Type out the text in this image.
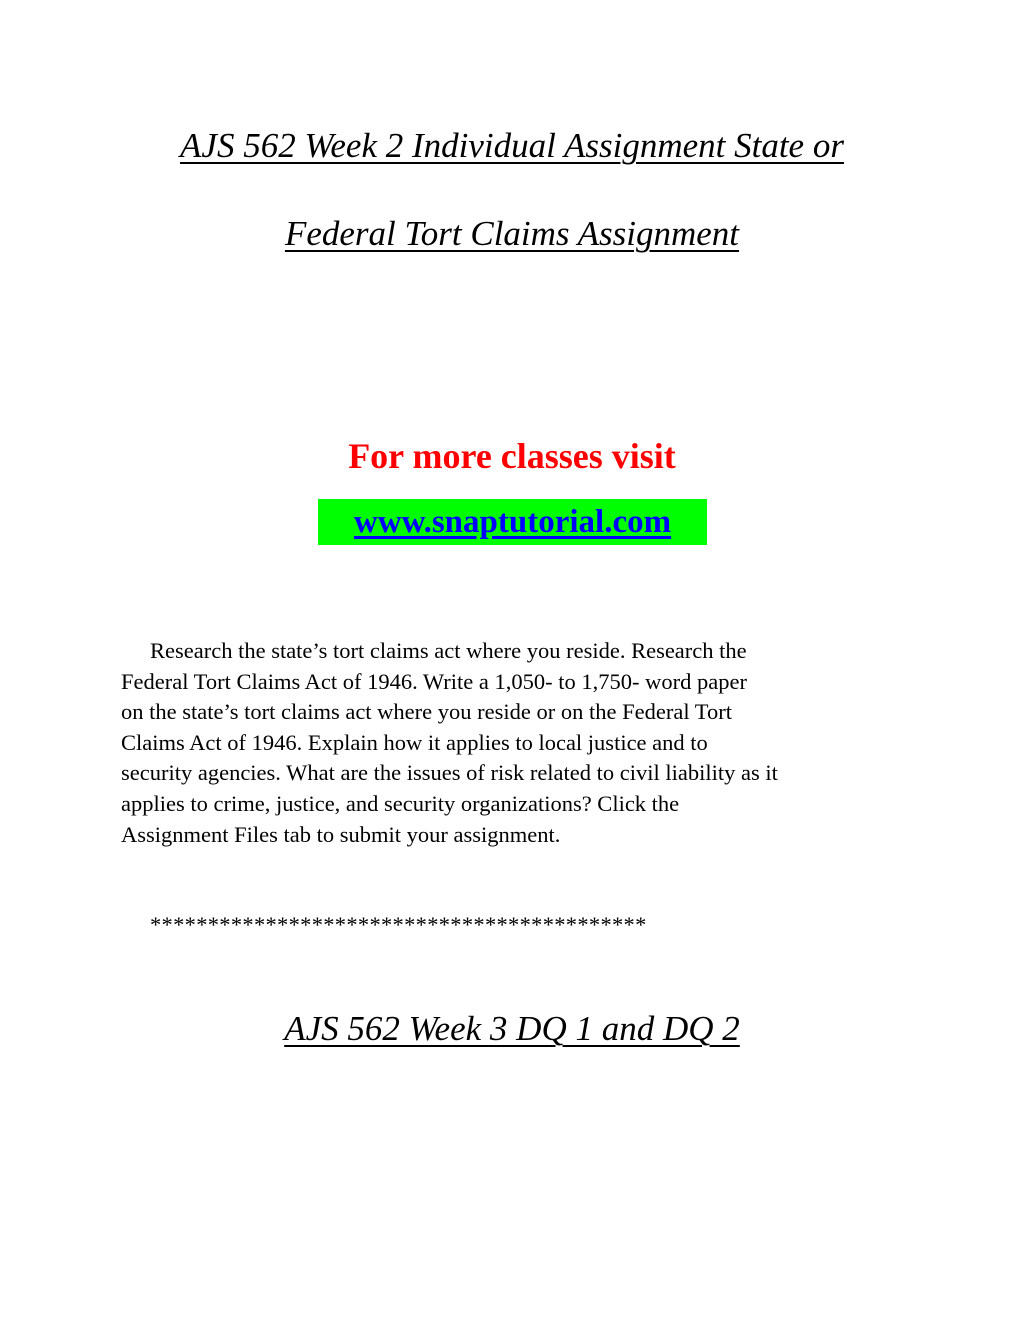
AJS 562 Week 2 Individual Assignment State or
Federal Tort Claims Assignment
For more classes visit
www.snaptutorial.com
Research the state’s tort claims act where you reside. Research the
Federal Tort Claims Act of 1946. Write a 1,050- to 1,750- word paper
on the state’s tort claims act where you reside or on the Federal Tort
Claims Act of 1946. Explain how it applies to local justice and to
security agencies. What are the issues of risk related to civil liability as it
applies to crime, justice, and security organizations? Click the
Assignment Files tab to submit your assignment.
*******************************************
AJS 562 Week 3 DQ 1 and DQ 2
